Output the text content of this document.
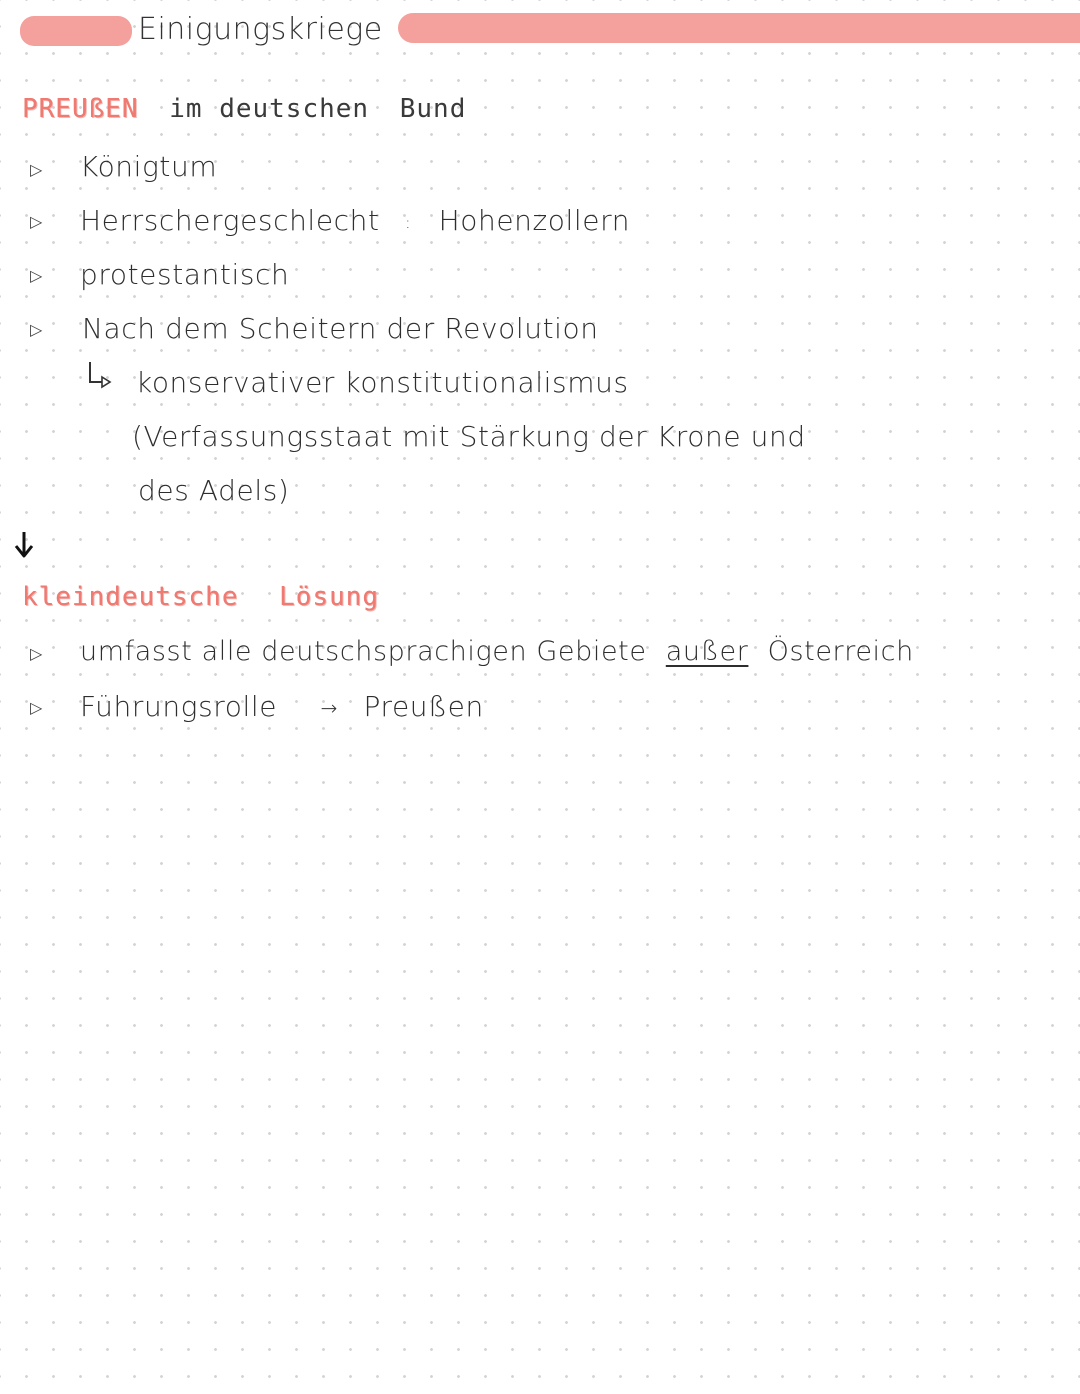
Einigungskriege
PREUßEN im deutschen Bund
▷ Königtum
▷ Herrschergeschlecht : Hohenzollern
▷ protestantisch
▷ Nach dem Scheitern der Revolution
konservativer konstitutionalismus
(Verfassungsstaat mit Stärkung der Krone und
des Adels)
kleindeutsche Lösung
▷ umfasst alle deutschsprachigen Gebiete außer Österreich
▷ Führungsrolle → Preußen
